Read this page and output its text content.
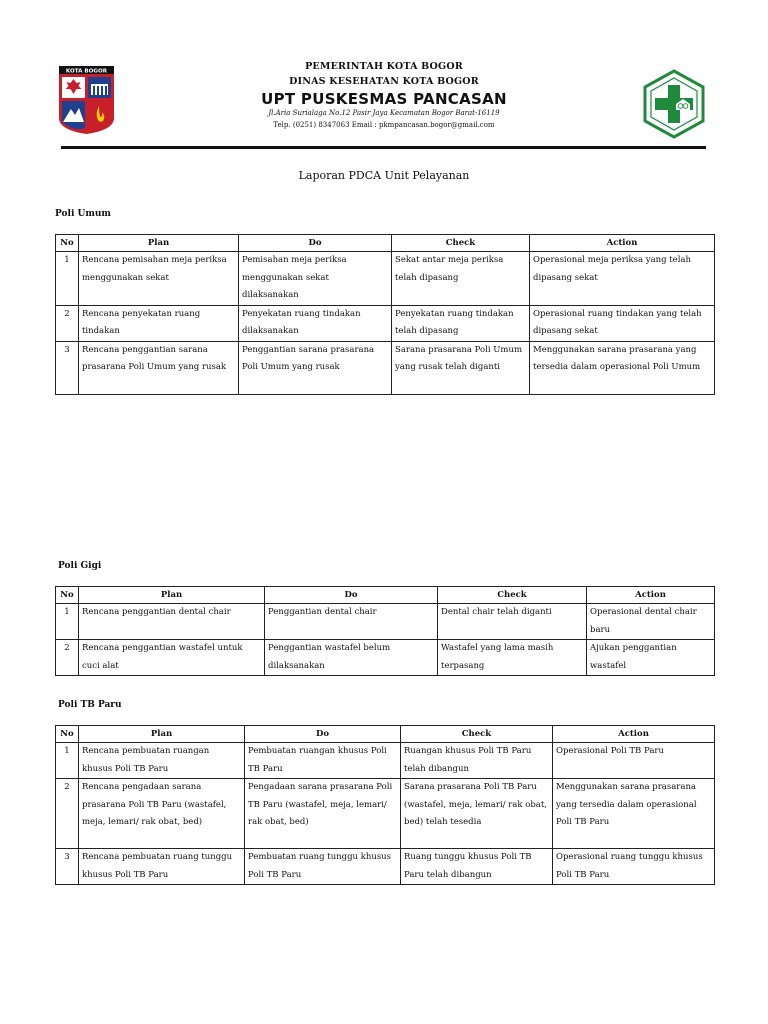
KOTA BOGOR	PEMERINTAH KOTA BOGOR
DINAS KESEHATAN KOTA BOGOR
UPT PUSKESMAS PANCASAN
Jl.Aria Surialaga No.12 Pasir Jaya Kecamatan Bogor Barat-16119
Telp. (0251) 8347063 Email : pkmpancasan.bogor@gmail.com
Laporan PDCA Unit Pelayanan
Poli Umum
No	Plan	Do	Check	Action
1	Rencana pemisahan meja periksa menggunakan sekat	Pemisahan meja periksa menggunakan sekat dilaksanakan	Sekat antar meja periksa telah dipasang	Operasional meja periksa yang telah dipasang sekat
2	Rencana penyekatan ruang tindakan	Penyekatan ruang tindakan dilaksanakan	Penyekatan ruang tindakan telah dipasang	Operasional ruang tindakan yang telah dipasang sekat
3	Rencana penggantian sarana prasarana Poli Umum yang rusak	Penggantian sarana prasarana Poli Umum yang rusak	Sarana prasarana Poli Umum yang rusak telah diganti	Menggunakan sarana prasarana yang tersedia dalam operasional Poli Umum
Poli Gigi
No	Plan	Do	Check	Action
1	Rencana penggantian dental chair	Penggantian dental chair	Dental chair telah diganti	Operasional dental chair baru
2	Rencana penggantian wastafel untuk cuci alat	Penggantian wastafel belum dilaksanakan	Wastafel yang lama masih terpasang	Ajukan penggantian wastafel
Poli TB Paru
No	Plan	Do	Check	Action
1	Rencana pembuatan ruangan khusus Poli TB Paru	Pembuatan ruangan khusus Poli TB Paru	Ruangan khusus Poli TB Paru telah dibangun	Operasional Poli TB Paru
2	Rencana pengadaan sarana prasarana Poli TB Paru (wastafel, meja, lemari/ rak obat, bed)	Pengadaan sarana prasarana Poli TB Paru (wastafel, meja, lemari/ rak obat, bed)	Sarana prasarana Poli TB Paru (wastafel, meja, lemari/ rak obat, bed) telah tesedia	Menggunakan sarana prasarana yang tersedia dalam operasional Poli TB Paru
3	Rencana pembuatan ruang tunggu khusus Poli TB Paru	Pembuatan ruang tunggu khusus Poli TB Paru	Ruang tunggu khusus Poli TB Paru telah dibangun	Operasional ruang tunggu khusus Poli TB Paru
